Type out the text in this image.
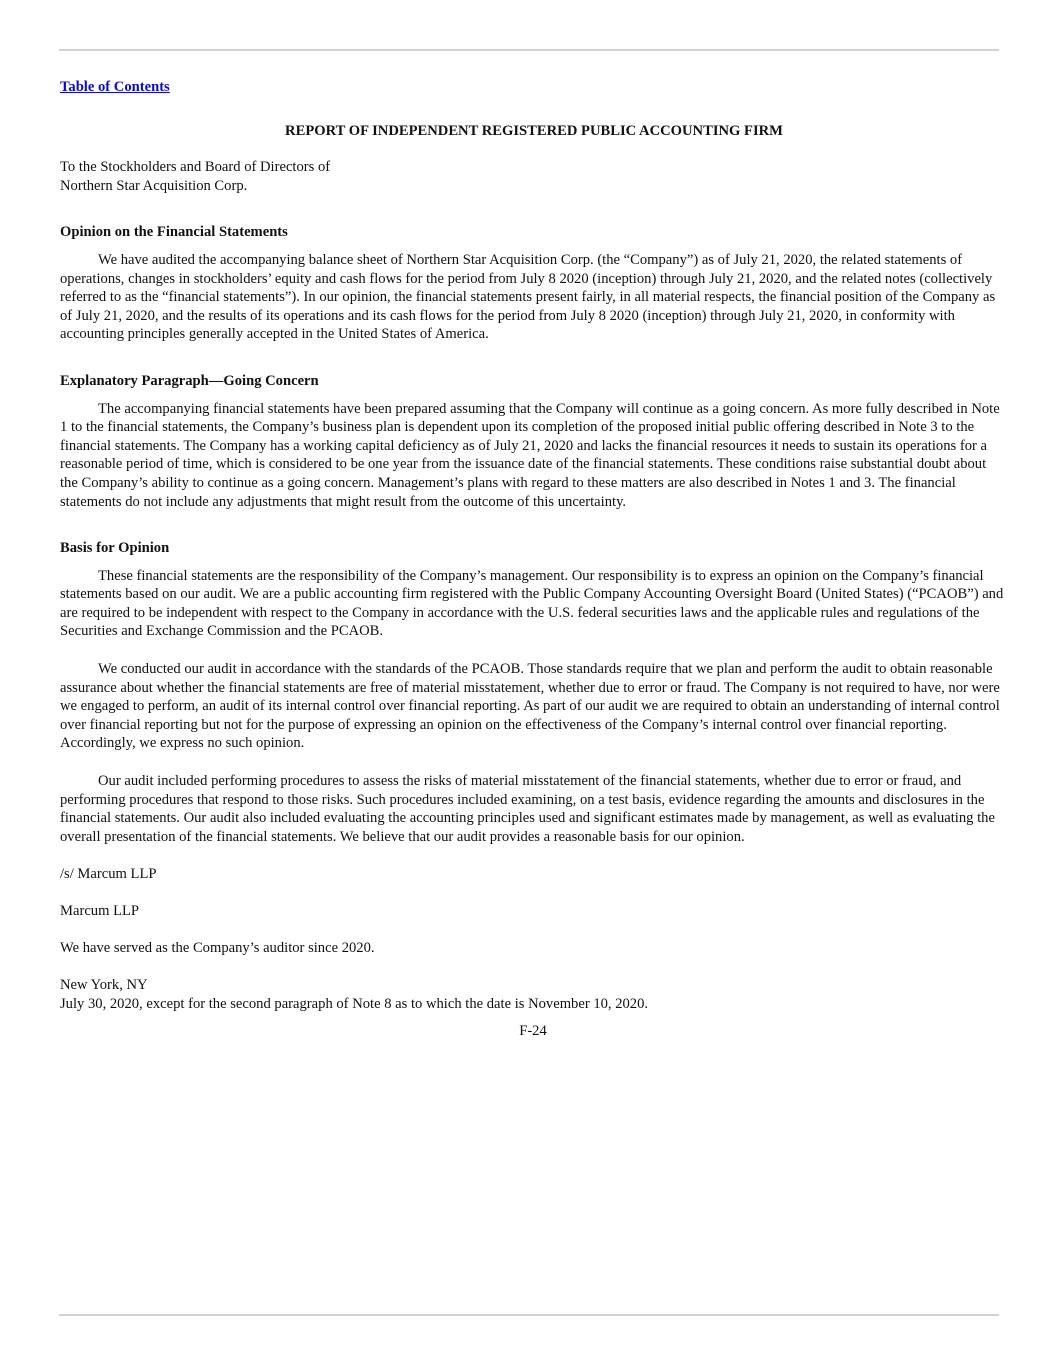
Table of Contents
REPORT OF INDEPENDENT REGISTERED PUBLIC ACCOUNTING FIRM
To the Stockholders and Board of Directors of
Northern Star Acquisition Corp.
Opinion on the Financial Statements
We have audited the accompanying balance sheet of Northern Star Acquisition Corp. (the “Company”) as of July 21, 2020, the related statements of operations, changes in stockholders’ equity and cash flows for the period from July 8 2020 (inception) through July 21, 2020, and the related notes (collectively referred to as the “financial statements”). In our opinion, the financial statements present fairly, in all material respects, the financial position of the Company as of July 21, 2020, and the results of its operations and its cash flows for the period from July 8 2020 (inception) through July 21, 2020, in conformity with accounting principles generally accepted in the United States of America.
Explanatory Paragraph—Going Concern
The accompanying financial statements have been prepared assuming that the Company will continue as a going concern. As more fully described in Note 1 to the financial statements, the Company’s business plan is dependent upon its completion of the proposed initial public offering described in Note 3 to the financial statements. The Company has a working capital deficiency as of July 21, 2020 and lacks the financial resources it needs to sustain its operations for a reasonable period of time, which is considered to be one year from the issuance date of the financial statements. These conditions raise substantial doubt about the Company’s ability to continue as a going concern. Management’s plans with regard to these matters are also described in Notes 1 and 3. The financial statements do not include any adjustments that might result from the outcome of this uncertainty.
Basis for Opinion
These financial statements are the responsibility of the Company’s management. Our responsibility is to express an opinion on the Company’s financial statements based on our audit. We are a public accounting firm registered with the Public Company Accounting Oversight Board (United States) (“PCAOB”) and are required to be independent with respect to the Company in accordance with the U.S. federal securities laws and the applicable rules and regulations of the Securities and Exchange Commission and the PCAOB.
We conducted our audit in accordance with the standards of the PCAOB. Those standards require that we plan and perform the audit to obtain reasonable assurance about whether the financial statements are free of material misstatement, whether due to error or fraud. The Company is not required to have, nor were we engaged to perform, an audit of its internal control over financial reporting. As part of our audit we are required to obtain an understanding of internal control over financial reporting but not for the purpose of expressing an opinion on the effectiveness of the Company’s internal control over financial reporting. Accordingly, we express no such opinion.
Our audit included performing procedures to assess the risks of material misstatement of the financial statements, whether due to error or fraud, and performing procedures that respond to those risks. Such procedures included examining, on a test basis, evidence regarding the amounts and disclosures in the financial statements. Our audit also included evaluating the accounting principles used and significant estimates made by management, as well as evaluating the overall presentation of the financial statements. We believe that our audit provides a reasonable basis for our opinion.
/s/ Marcum LLP
Marcum LLP
We have served as the Company’s auditor since 2020.
New York, NY
July 30, 2020, except for the second paragraph of Note 8 as to which the date is November 10, 2020.
F-24
